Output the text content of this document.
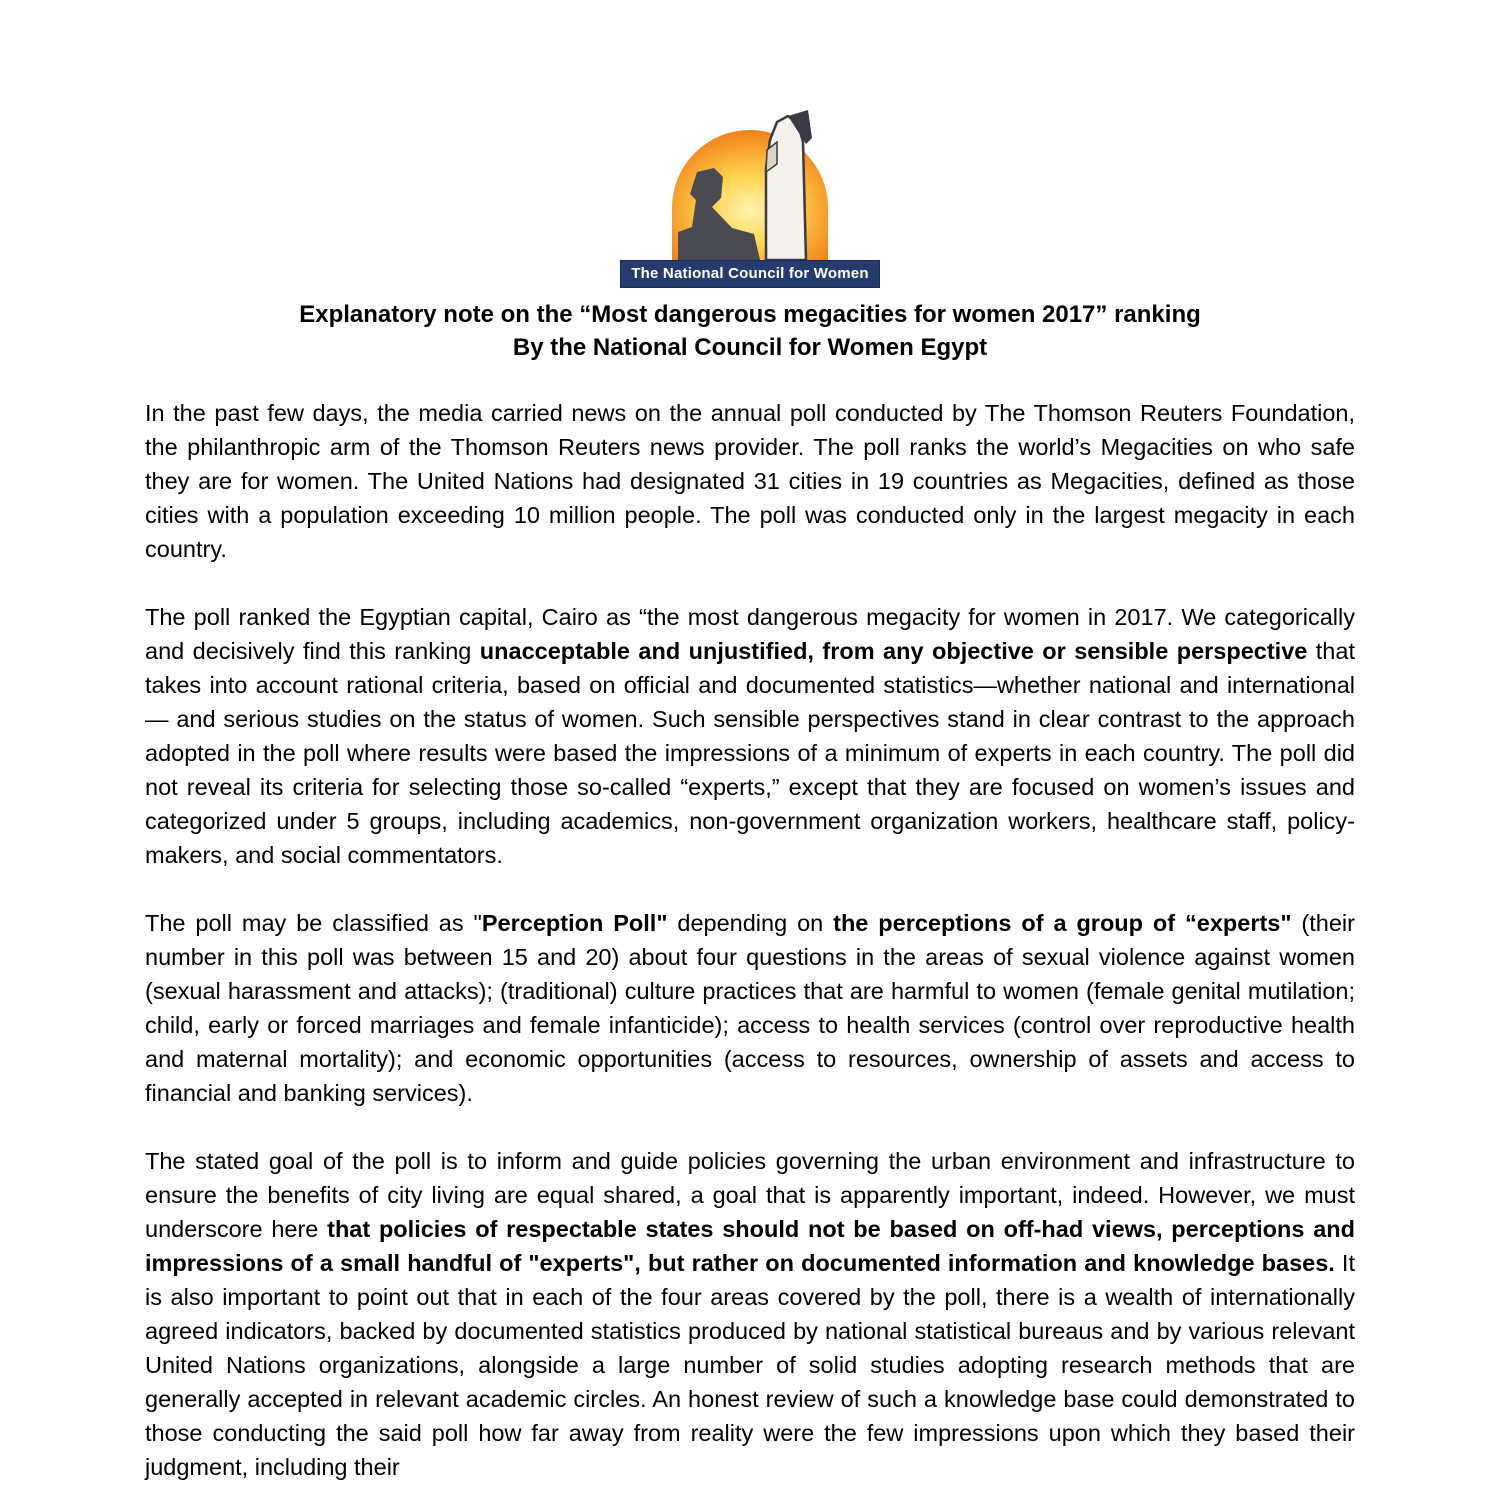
The National Council for Women
Explanatory note on the “Most dangerous megacities for women 2017” ranking
By the National Council for Women Egypt

In the past few days, the media carried news on the annual poll conducted by The Thomson Reuters Foundation, the philanthropic arm of the Thomson Reuters news provider. The poll ranks the world’s Megacities on who safe they are for women. The United Nations had designated 31 cities in 19 countries as Megacities, defined as those cities with a population exceeding 10 million people. The poll was conducted only in the largest megacity in each country.

The poll ranked the Egyptian capital, Cairo as “the most dangerous megacity for women in 2017. We categorically and decisively find this ranking unacceptable and unjustified, from any objective or sensible perspective that takes into account rational criteria, based on official and documented statistics—whether national and international— and serious studies on the status of women. Such sensible perspectives stand in clear contrast to the approach adopted in the poll where results were based the impressions of a minimum of experts in each country. The poll did not reveal its criteria for selecting those so-called “experts,” except that they are focused on women’s issues and categorized under 5 groups, including academics, non-government organization workers, healthcare staff, policy-makers, and social commentators.

The poll may be classified as "Perception Poll" depending on the perceptions of a group of “experts" (their number in this poll was between 15 and 20) about four questions in the areas of sexual violence against women (sexual harassment and attacks); (traditional) culture practices that are harmful to women (female genital mutilation; child, early or forced marriages and female infanticide); access to health services (control over reproductive health and maternal mortality); and economic opportunities (access to resources, ownership of assets and access to financial and banking services).

The stated goal of the poll is to inform and guide policies governing the urban environment and infrastructure to ensure the benefits of city living are equal shared, a goal that is apparently important, indeed. However, we must underscore here that policies of respectable states should not be based on off-had views, perceptions and impressions of a small handful of "experts", but rather on documented information and knowledge bases. It is also important to point out that in each of the four areas covered by the poll, there is a wealth of internationally agreed indicators, backed by documented statistics produced by national statistical bureaus and by various relevant United Nations organizations, alongside a large number of solid studies adopting research methods that are generally accepted in relevant academic circles. An honest review of such a knowledge base could demonstrated to those conducting the said poll how far away from reality were the few impressions upon which they based their judgment, including their
